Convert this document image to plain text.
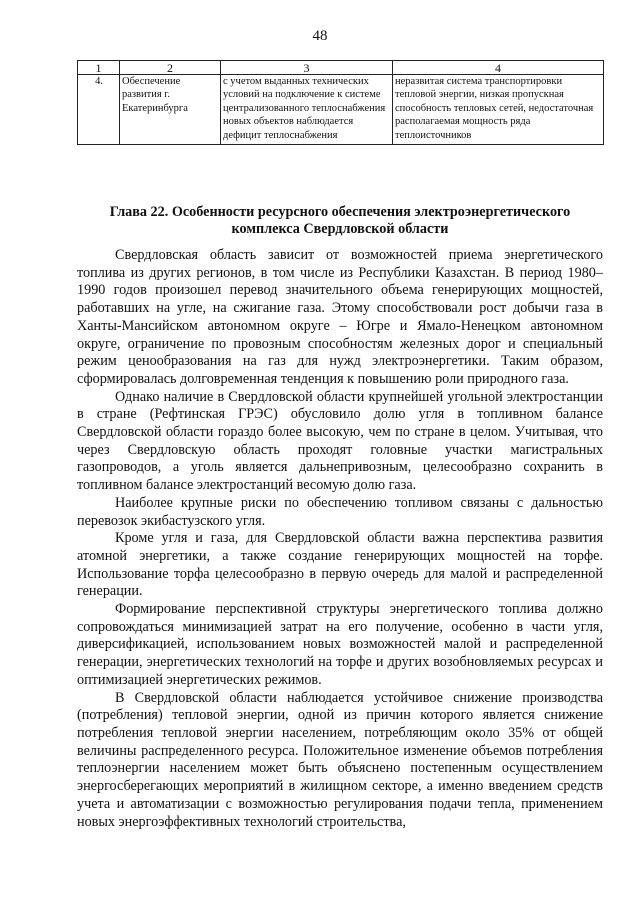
48
1	2	3	4
4.	Обеспечение развития г. Екатеринбурга	с учетом выданных технических условий на подключение к системе централизованного теплоснабжения новых объектов наблюдается дефицит теплоснабжения	неразвитая система транспортировки тепловой энергии, низкая пропускная способность тепловых сетей, недостаточная располагаемая мощность ряда теплоисточников
Глава 22. Особенности ресурсного обеспечения электроэнергетического
комплекса Свердловской области

Свердловская область зависит от возможностей приема энергетического топлива из других регионов, в том числе из Республики Казахстан. В период 1980–1990 годов произошел перевод значительного объема генерирующих мощностей, работавших на угле, на сжигание газа. Этому способствовали рост добычи газа в Ханты-Мансийском автономном округе – Югре и Ямало-Ненецком автономном округе, ограничение по провозным способностям железных дорог и специальный режим ценообразования на газ для нужд электроэнергетики. Таким образом, сформировалась долговременная тенденция к повышению роли природного газа.

Однако наличие в Свердловской области крупнейшей угольной электростанции в стране (Рефтинская ГРЭС) обусловило долю угля в топливном балансе Свердловской области гораздо более высокую, чем по стране в целом. Учитывая, что через Свердловскую область проходят головные участки магистральных газопроводов, а уголь является дальнепривозным, целесообразно сохранить в топливном балансе электростанций весомую долю газа.

Наиболее крупные риски по обеспечению топливом связаны с дальностью перевозок экибастузского угля.

Кроме угля и газа, для Свердловской области важна перспектива развития атомной энергетики, а также создание генерирующих мощностей на торфе. Использование торфа целесообразно в первую очередь для малой и распределенной генерации.

Формирование перспективной структуры энергетического топлива должно сопровождаться минимизацией затрат на его получение, особенно в части угля, диверсификацией, использованием новых возможностей малой и распределенной генерации, энергетических технологий на торфе и других возобновляемых ресурсах и оптимизацией энергетических режимов.

В Свердловской области наблюдается устойчивое снижение производства (потребления) тепловой энергии, одной из причин которого является снижение потребления тепловой энергии населением, потребляющим около 35% от общей величины распределенного ресурса. Положительное изменение объемов потребления теплоэнергии населением может быть объяснено постепенным осуществлением энергосберегающих мероприятий в жилищном секторе, а именно введением средств учета и автоматизации с возможностью регулирования подачи тепла, применением новых энергоэффективных технологий строительства,
